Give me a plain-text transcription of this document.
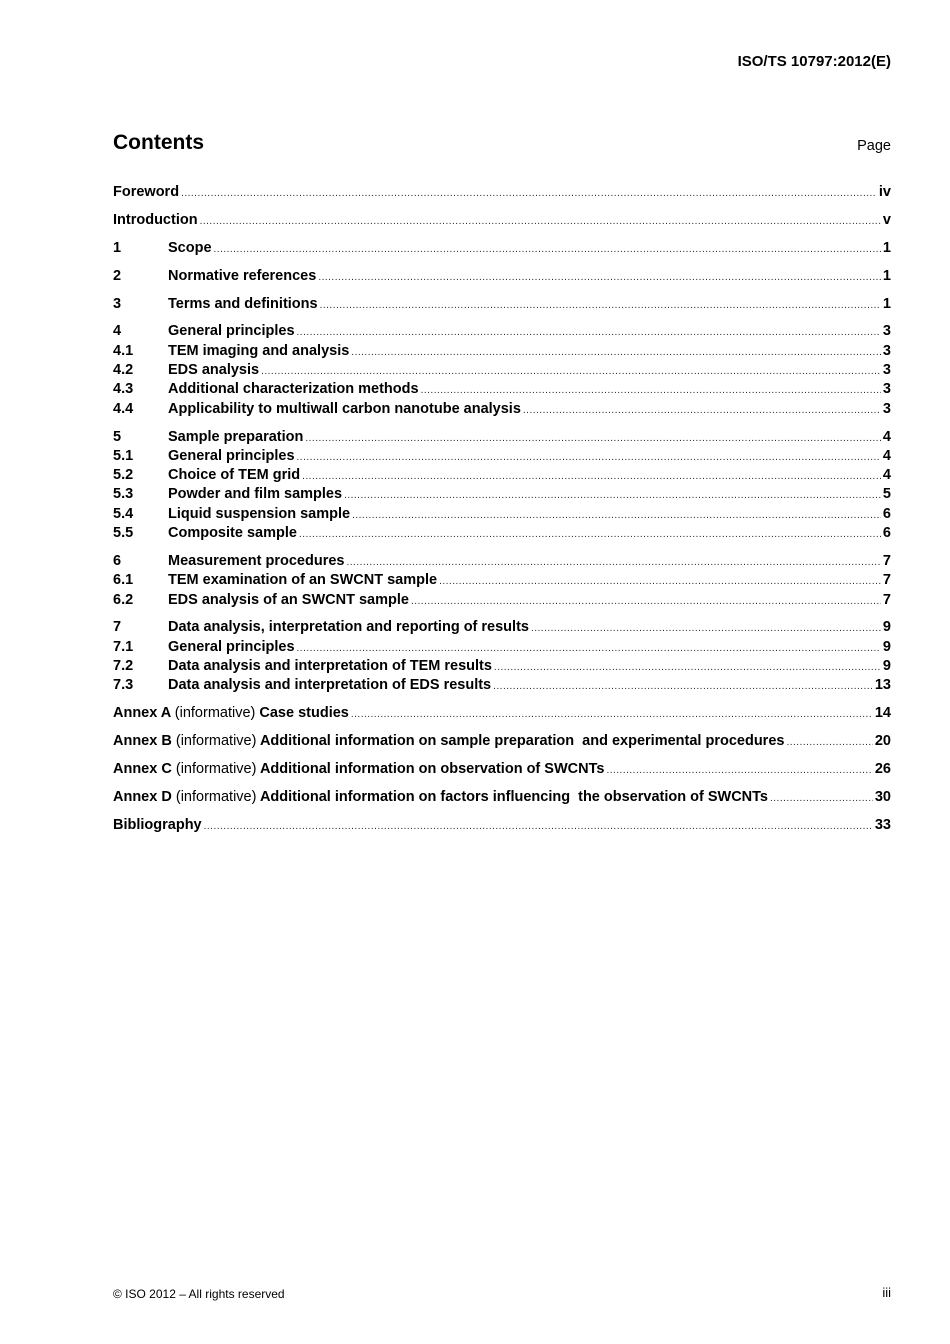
ISO/TS 10797:2012(E)
Contents	Page
Foreword .....	iv
Introduction .....	v
1	Scope .....	1
2	Normative references .....	1
3	Terms and definitions .....	1
4	General principles .....	3
4.1	TEM imaging and analysis .....	3
4.2	EDS analysis .....	3
4.3	Additional characterization methods .....	3
4.4	Applicability to multiwall carbon nanotube analysis .....	3
5	Sample preparation .....	4
5.1	General principles .....	4
5.2	Choice of TEM grid .....	4
5.3	Powder and film samples .....	5
5.4	Liquid suspension sample .....	6
5.5	Composite sample .....	6
6	Measurement procedures .....	7
6.1	TEM examination of an SWCNT sample .....	7
6.2	EDS analysis of an SWCNT sample .....	7
7	Data analysis, interpretation and reporting of results .....	9
7.1	General principles .....	9
7.2	Data analysis and interpretation of TEM results .....	9
7.3	Data analysis and interpretation of EDS results .....	13
Annex A (informative) Case studies .....	14
Annex B (informative) Additional information on sample preparation  and experimental procedures .....	20
Annex C (informative) Additional information on observation of SWCNTs .....	26
Annex D (informative) Additional information on factors influencing  the observation of SWCNTs .....	30
Bibliography .....	33
© ISO 2012 – All rights reserved	iii
